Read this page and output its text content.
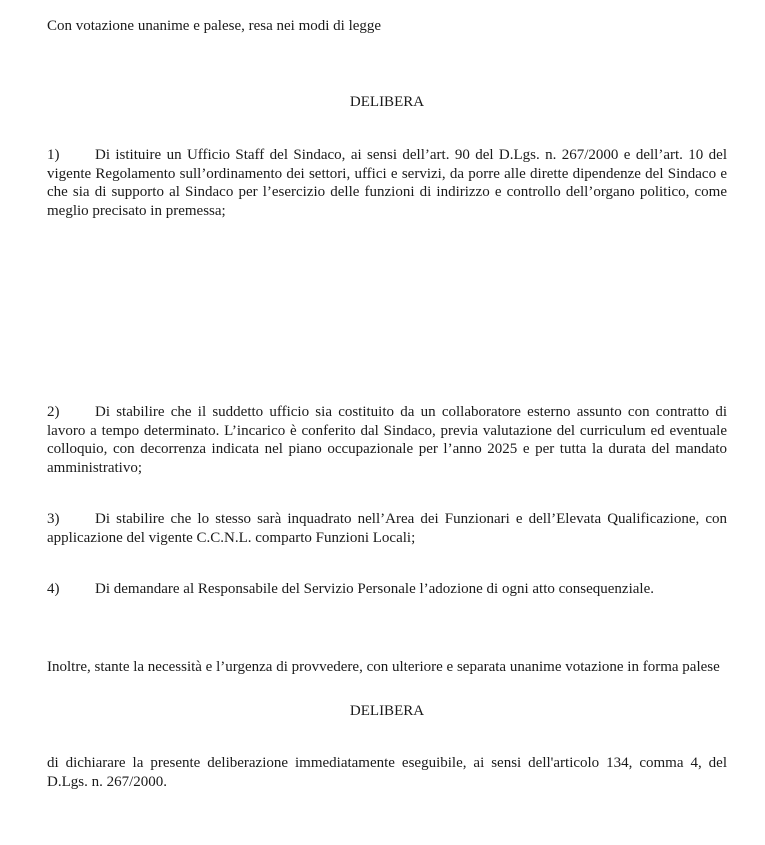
Con votazione unanime e palese, resa nei modi di legge

DELIBERA

1) Di istituire un Ufficio Staff del Sindaco, ai sensi dell’art. 90 del D.Lgs. n. 267/2000 e dell’art. 10 del vigente Regolamento sull’ordinamento dei settori, uffici e servizi, da porre alle dirette dipendenze del Sindaco e che sia di supporto al Sindaco per l’esercizio delle funzioni di indirizzo e controllo dell’organo politico, come meglio precisato in premessa;

2) Di stabilire che il suddetto ufficio sia costituito da un collaboratore esterno assunto con contratto di lavoro a tempo determinato. L’incarico è conferito dal Sindaco, previa valutazione del curriculum ed eventuale colloquio, con decorrenza indicata nel piano occupazionale per l’anno 2025 e per tutta la durata del mandato amministrativo;

3) Di stabilire che lo stesso sarà inquadrato nell’Area dei Funzionari e dell’Elevata Qualificazione, con applicazione del vigente C.C.N.L. comparto Funzioni Locali;

4) Di demandare al Responsabile del Servizio Personale l’adozione di ogni atto consequenziale.

Inoltre, stante la necessità e l’urgenza di provvedere, con ulteriore e separata unanime votazione in forma palese

DELIBERA

di dichiarare la presente deliberazione immediatamente eseguibile, ai sensi dell'articolo 134, comma 4, del D.Lgs. n. 267/2000.
